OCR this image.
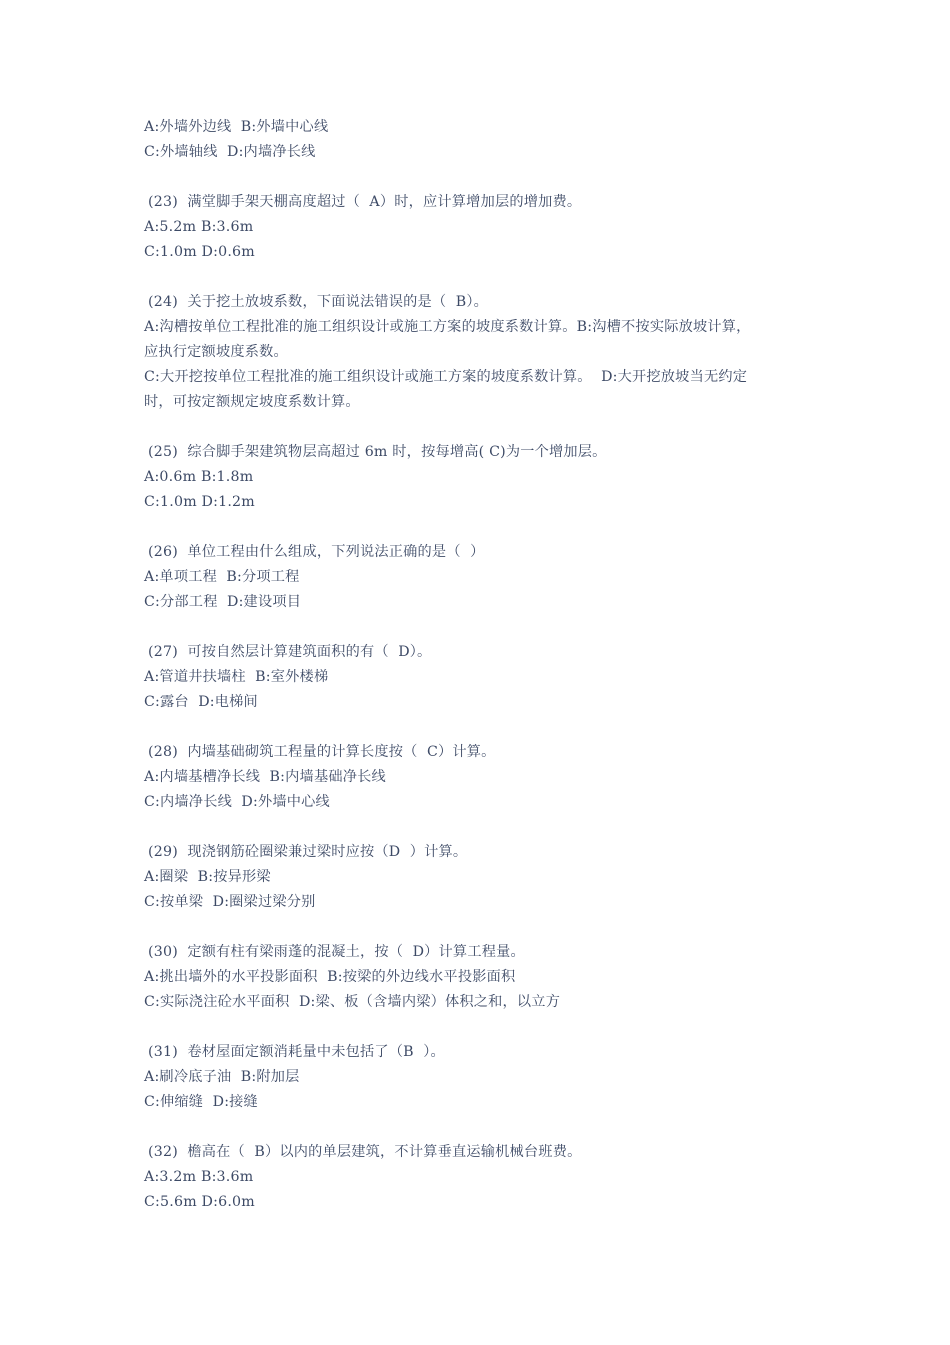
A:外墙外边线  B:外墙中心线

C:外墙轴线  D:内墙净长线

(23)  满堂脚手架天棚高度超过（  A）时，应计算增加层的增加费。

A:5.2m B:3.6m

C:1.0m D:0.6m

(24)  关于挖土放坡系数，下面说法错误的是（  B）。

A:沟槽按单位工程批准的施工组织设计或施工方案的坡度系数计算。B:沟槽不按实际放坡计算，

应执行定额坡度系数。

C:大开挖按单位工程批准的施工组织设计或施工方案的坡度系数计算。  D:大开挖放坡当无约定

时，可按定额规定坡度系数计算。

(25)  综合脚手架建筑物层高超过 6m 时，按每增高( C)为一个增加层。

A:0.6m B:1.8m

C:1.0m D:1.2m

(26)  单位工程由什么组成，下列说法正确的是（  ）

A:单项工程  B:分项工程

C:分部工程  D:建设项目

(27)  可按自然层计算建筑面积的有（  D）。

A:管道井扶墙柱  B:室外楼梯

C:露台  D:电梯间

(28)  内墙基础砌筑工程量的计算长度按（  C）计算。

A:内墙基槽净长线  B:内墙基础净长线

C:内墙净长线  D:外墙中心线

(29)  现浇钢筋砼圈梁兼过梁时应按（D  ）计算。

A:圈梁  B:按异形梁

C:按单梁  D:圈梁过梁分别

(30)  定额有柱有梁雨蓬的混凝土，按（  D）计算工程量。

A:挑出墙外的水平投影面积  B:按梁的外边线水平投影面积

C:实际浇注砼水平面积  D:梁、板（含墙内梁）体积之和，以立方

(31)  卷材屋面定额消耗量中未包括了（B  ）。

A:刷冷底子油  B:附加层

C:伸缩缝  D:接缝

(32)  檐高在（  B）以内的单层建筑，不计算垂直运输机械台班费。

A:3.2m B:3.6m

C:5.6m D:6.0m
